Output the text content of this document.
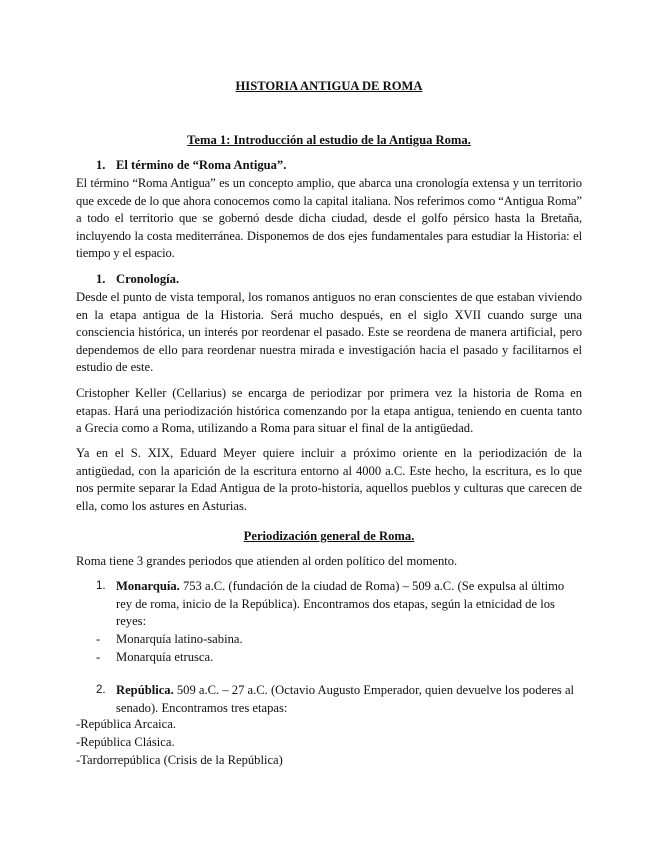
HISTORIA ANTIGUA DE ROMA
Tema 1: Introducción al estudio de la Antigua Roma.
1. El término de “Roma Antigua”.
El término “Roma Antigua” es un concepto amplio, que abarca una cronología extensa y un territorio que excede de lo que ahora conocemos como la capital italiana. Nos referimos como “Antigua Roma” a todo el territorio que se gobernó desde dicha ciudad, desde el golfo pérsico hasta la Bretaña, incluyendo la costa mediterránea. Disponemos de dos ejes fundamentales para estudiar la Historia: el tiempo y el espacio.
1. Cronología.
Desde el punto de vista temporal, los romanos antiguos no eran conscientes de que estaban viviendo en la etapa antigua de la Historia. Será mucho después, en el siglo XVII cuando surge una consciencia histórica, un interés por reordenar el pasado. Este se reordena de manera artificial, pero dependemos de ello para reordenar nuestra mirada e investigación hacia el pasado y facilitarnos el estudio de este.
Cristopher Keller (Cellarius) se encarga de periodizar por primera vez la historia de Roma en etapas. Hará una periodización histórica comenzando por la etapa antigua, teniendo en cuenta tanto a Grecia como a Roma, utilizando a Roma para situar el final de la antigüedad.
Ya en el S. XIX, Eduard Meyer quiere incluir a próximo oriente en la periodización de la antigüedad, con la aparición de la escritura entorno al 4000 a.C. Este hecho, la escritura, es lo que nos permite separar la Edad Antigua de la proto-historia, aquellos pueblos y culturas que carecen de ella, como los astures en Asturias.
Periodización general de Roma.
Roma tiene 3 grandes periodos que atienden al orden político del momento.
1. Monarquía. 753 a.C. (fundación de la ciudad de Roma) – 509 a.C. (Se expulsa al último rey de roma, inicio de la República). Encontramos dos etapas, según la etnicidad de los reyes:
- Monarquía latino-sabina.
- Monarquía etrusca.
2. República. 509 a.C. – 27 a.C. (Octavio Augusto Emperador, quien devuelve los poderes al senado). Encontramos tres etapas:
-República Arcaica.
-República Clásica.
-Tardorrepública (Crisis de la República)
